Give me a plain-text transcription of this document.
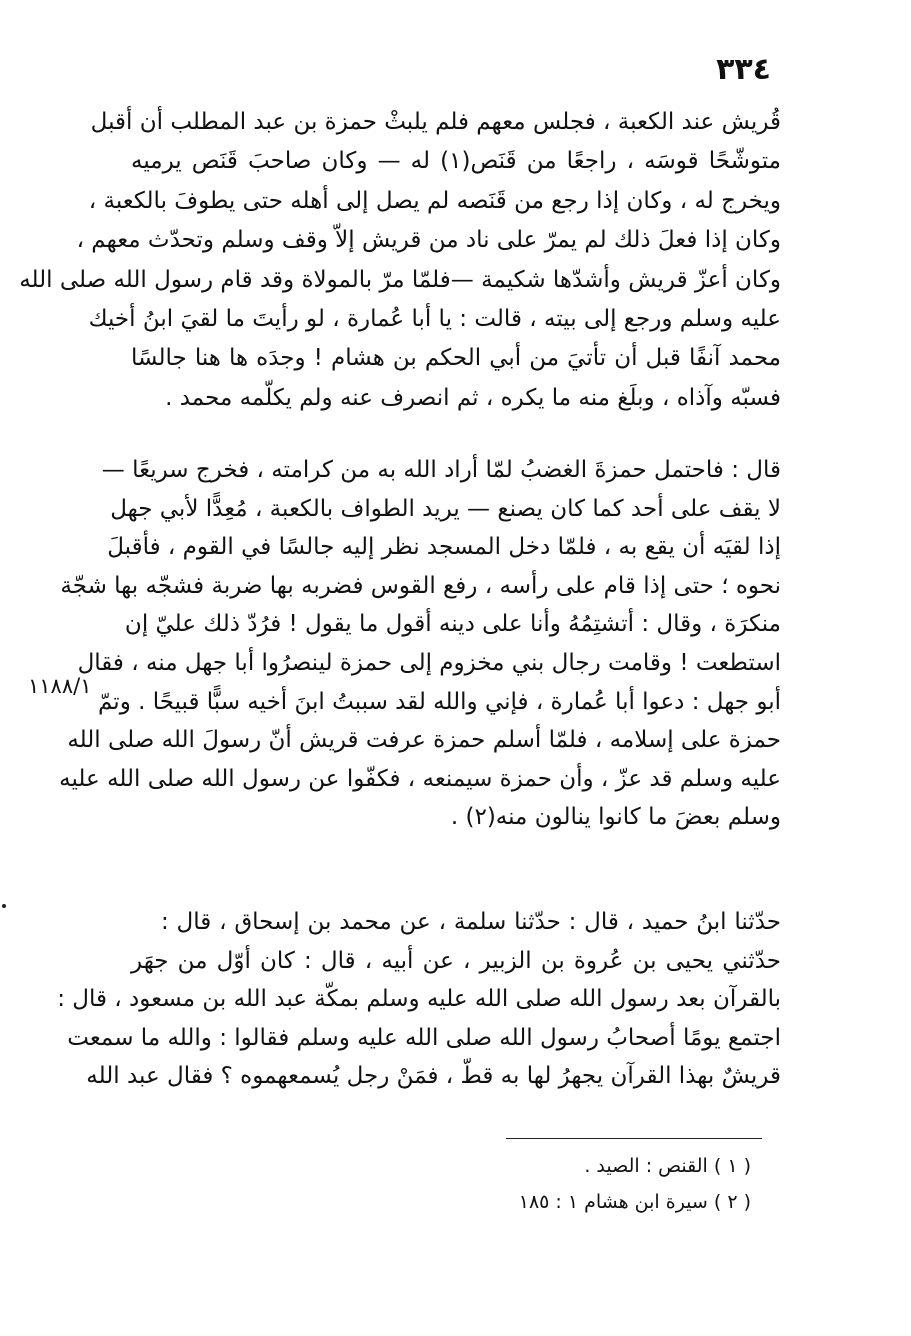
٣٣٤
قُريش عند الكعبة ، فجلس معهم فلم يلبثْ حمزة بن عبد المطلب أن أقبل
متوشّحًا قوسَه ، راجعًا من قَنَص(١) له — وكان صاحبَ قَنَص يرميه
ويخرج له ، وكان إذا رجع من قَنَصه لم يصل إلى أهله حتى يطوفَ بالكعبة ،
وكان إذا فعلَ ذلك لم يمرّ على ناد من قريش إلاّ وقف وسلم وتحدّث معهم ،
وكان أعزّ قريش وأشدّها شكيمة —فلمّا مرّ بالمولاة وقد قام رسول الله صلى الله
عليه وسلم ورجع إلى بيته ، قالت : يا أبا عُمارة ، لو رأيتَ ما لقيَ ابنُ أخيك
محمد آنفًا قبل أن تأتيَ من أبي الحكم بن هشام ! وجدَه ها هنا جالسًا
فسبّه وآذاه ، وبلَغ منه ما يكره ، ثم انصرف عنه ولم يكلّمه محمد .
قال : فاحتمل حمزةَ الغضبُ لمّا أراد الله به من كرامته ، فخرج سريعًا —
لا يقف على أحد كما كان يصنع — يريد الطواف بالكعبة ، مُعِدًّا لأبي جهل
إذا لقيَه أن يقع به ، فلمّا دخل المسجد نظر إليه جالسًا في القوم ، فأقبلَ
نحوه ؛ حتى إذا قام على رأسه ، رفع القوس فضربه بها ضربة فشجّه بها شجّة
منكرَة ، وقال : أتشتِمُهُ وأنا على دينه أقول ما يقول ! فرُدّ ذلك عليّ إن
استطعت ! وقامت رجال بني مخزوم إلى حمزة لينصرُوا أبا جهل منه ، فقال
أبو جهل : دعوا أبا عُمارة ، فإني والله لقد سببتُ ابنَ أخيه سبًّا قبيحًا . وتمّ
حمزة على إسلامه ، فلمّا أسلم حمزة عرفت قريش أنّ رسولَ الله صلى الله
عليه وسلم قد عزّ ، وأن حمزة سيمنعه ، فكفّوا عن رسول الله صلى الله عليه
وسلم بعضَ ما كانوا ينالون منه(٢) .
حدّثنا ابنُ حميد ، قال : حدّثنا سلمة ، عن محمد بن إسحاق ، قال :
حدّثني يحيى بن عُروة بن الزبير ، عن أبيه ، قال : كان أوّل من جهَر
بالقرآن بعد رسول الله صلى الله عليه وسلم بمكّة عبد الله بن مسعود ، قال :
اجتمع يومًا أصحابُ رسول الله صلى الله عليه وسلم فقالوا : والله ما سمعت
قريشٌ بهذا القرآن يجهرُ لها به قطّ ، فمَنْ رجل يُسمعهموه ؟ فقال عبد الله
١١٨٨/١
( ١ ) القنص : الصيد .
( ٢ ) سيرة ابن هشام ١ : ١٨٥
